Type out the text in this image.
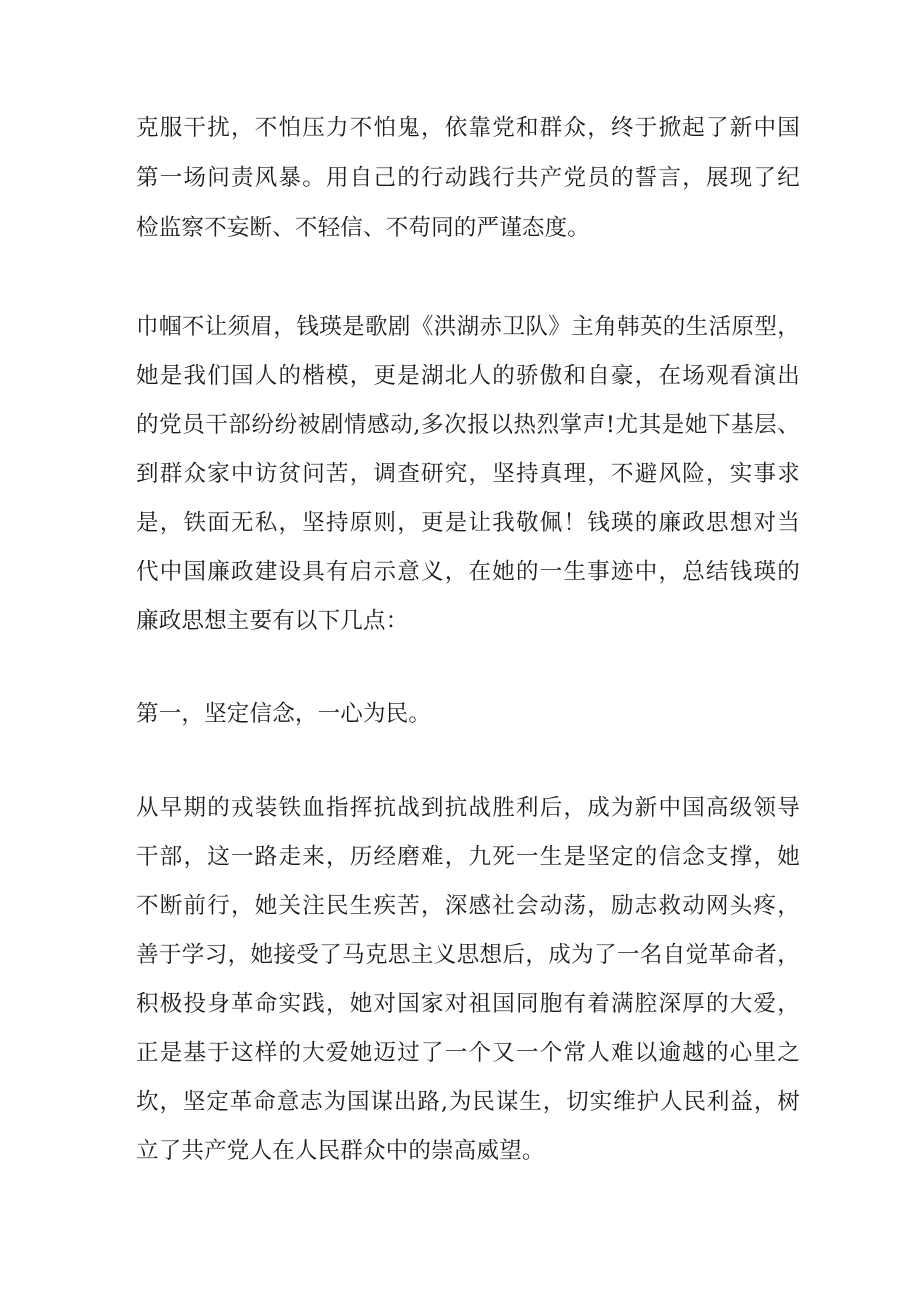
克服干扰，不怕压力不怕鬼，依靠党和群众，终于掀起了新中国
第一场问责风暴。用自己的行动践行共产党员的誓言，展现了纪
检监察不妄断、不轻信、不苟同的严谨态度。
巾帼不让须眉，钱瑛是歌剧《洪湖赤卫队》主角韩英的生活原型，
她是我们国人的楷模，更是湖北人的骄傲和自豪，在场观看演出
的党员干部纷纷被剧情感动,多次报以热烈掌声!尤其是她下基层、
到群众家中访贫问苦，调查研究，坚持真理，不避风险，实事求
是，铁面无私，坚持原则，更是让我敬佩！钱瑛的廉政思想对当
代中国廉政建设具有启示意义，在她的一生事迹中，总结钱瑛的
廉政思想主要有以下几点：
第一，坚定信念，一心为民。
从早期的戎装铁血指挥抗战到抗战胜利后，成为新中国高级领导
干部，这一路走来，历经磨难，九死一生是坚定的信念支撑，她
不断前行，她关注民生疾苦，深感社会动荡，励志救动网头疼，
善于学习，她接受了马克思主义思想后，成为了一名自觉革命者，
积极投身革命实践，她对国家对祖国同胞有着满腔深厚的大爱，
正是基于这样的大爱她迈过了一个又一个常人难以逾越的心里之
坎，坚定革命意志为国谋出路,为民谋生，切实维护人民利益，树
立了共产党人在人民群众中的崇高威望。
